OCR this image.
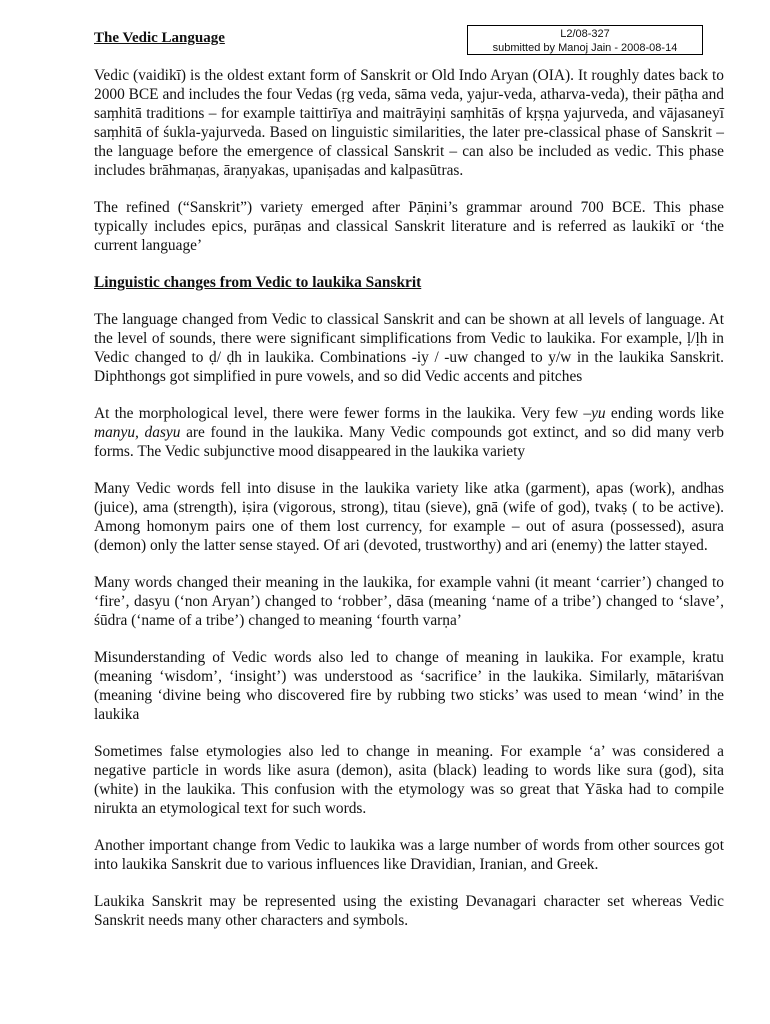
The Vedic Language	L2/08-327
submitted by Manoj Jain - 2008-08-14

Vedic (vaidikī) is the oldest extant form of Sanskrit or Old Indo Aryan (OIA). It roughly dates back to 2000 BCE and includes the four Vedas (ṛg veda, sāma veda, yajur-veda, atharva-veda), their pāṭha and saṃhitā traditions – for example taittirīya and maitrāyiṇi saṃhitās of kṛṣṇa yajurveda, and vājasaneyī saṃhitā of śukla-yajurveda. Based on linguistic similarities, the later pre-classical phase of Sanskrit – the language before the emergence of classical Sanskrit – can also be included as vedic. This phase includes brāhmaṇas, āraṇyakas, upaniṣadas and kalpasūtras.

The refined (“Sanskrit”) variety emerged after Pāṇini’s grammar around 700 BCE. This phase typically includes epics, purāṇas and classical Sanskrit literature and is referred as laukikī or ‘the current language’

Linguistic changes from Vedic to laukika Sanskrit

The language changed from Vedic to classical Sanskrit and can be shown at all levels of language. At the level of sounds, there were significant simplifications from Vedic to laukika. For example, ḷ/ḷh in Vedic changed to ḍ/ ḍh in laukika. Combinations -iy / -uw changed to y/w in the laukika Sanskrit. Diphthongs got simplified in pure vowels, and so did Vedic accents and pitches

At the morphological level, there were fewer forms in the laukika. Very few –yu ending words like manyu, dasyu are found in the laukika. Many Vedic compounds got extinct, and so did many verb forms. The Vedic subjunctive mood disappeared in the laukika variety

Many Vedic words fell into disuse in the laukika variety like atka (garment), apas (work), andhas (juice), ama (strength), iṣira (vigorous, strong), titau (sieve), gnā (wife of god), tvakṣ ( to be active). Among homonym pairs one of them lost currency, for example – out of asura (possessed), asura (demon) only the latter sense stayed. Of ari (devoted, trustworthy) and ari (enemy) the latter stayed.

Many words changed their meaning in the laukika, for example vahni (it meant ‘carrier’) changed to ‘fire’, dasyu (‘non Aryan’) changed to ‘robber’, dāsa (meaning ‘name of a tribe’) changed to ‘slave’, śūdra (‘name of a tribe’) changed to meaning ‘fourth varṇa’

Misunderstanding of Vedic words also led to change of meaning in laukika. For example, kratu (meaning ‘wisdom’, ‘insight’) was understood as ‘sacrifice’ in the laukika. Similarly, mātariśvan (meaning ‘divine being who discovered fire by rubbing two sticks’ was used to mean ‘wind’ in the laukika

Sometimes false etymologies also led to change in meaning. For example ‘a’ was considered a negative particle in words like asura (demon), asita (black) leading to words like sura (god), sita (white) in the laukika. This confusion with the etymology was so great that Yāska had to compile nirukta an etymological text for such words.

Another important change from Vedic to laukika was a large number of words from other sources got into laukika Sanskrit due to various influences like Dravidian, Iranian, and Greek.

Laukika Sanskrit may be represented using the existing Devanagari character set whereas Vedic Sanskrit needs many other characters and symbols.
